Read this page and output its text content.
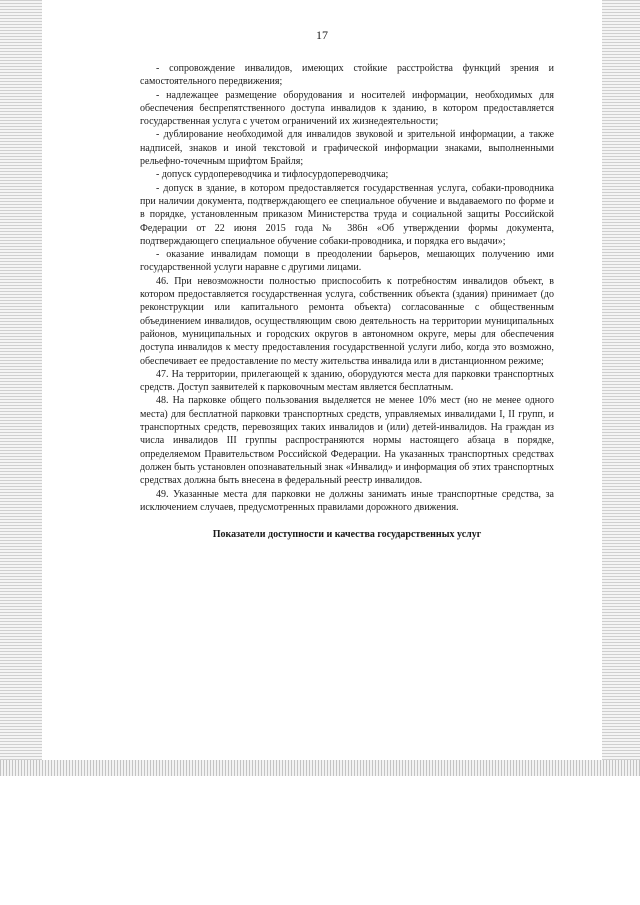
17

- сопровождение инвалидов, имеющих стойкие расстройства функций зрения и самостоятельного передвижения;

- надлежащее размещение оборудования и носителей информации, необходимых для обеспечения беспрепятственного доступа инвалидов к зданию, в котором предоставляется государственная услуга с учетом ограничений их жизнедеятельности;

- дублирование необходимой для инвалидов звуковой и зрительной информации, а также надписей, знаков и иной текстовой и графической информации знаками, выполненными рельефно-точечным шрифтом Брайля;

- допуск сурдопереводчика и тифлосурдопереводчика;

- допуск в здание, в котором предоставляется государственная услуга, собаки-проводника при наличии документа, подтверждающего ее специальное обучение и выдаваемого по форме и в порядке, установленным приказом Министерства труда и социальной защиты Российской Федерации от 22 июня 2015 года № 386н «Об утверждении формы документа, подтверждающего специальное обучение собаки-проводника, и порядка его выдачи»;

- оказание инвалидам помощи в преодолении барьеров, мешающих получению ими государственной услуги наравне с другими лицами.

46. При невозможности полностью приспособить к потребностям инвалидов объект, в котором предоставляется государственная услуга, собственник объекта (здания) принимает (до реконструкции или капитального ремонта объекта) согласованные с общественным объединением инвалидов, осуществляющим свою деятельность на территории муниципальных районов, муниципальных и городских округов в автономном округе, меры для обеспечения доступа инвалидов к месту предоставления государственной услуги либо, когда это возможно, обеспечивает ее предоставление по месту жительства инвалида или в дистанционном режиме;

47. На территории, прилегающей к зданию, оборудуются места для парковки транспортных средств. Доступ заявителей к парковочным местам является бесплатным.

48. На парковке общего пользования выделяется не менее 10% мест (но не менее одного места) для бесплатной парковки транспортных средств, управляемых инвалидами I, II групп, и транспортных средств, перевозящих таких инвалидов и (или) детей-инвалидов. На граждан из числа инвалидов III группы распространяются нормы настоящего абзаца в порядке, определяемом Правительством Российской Федерации. На указанных транспортных средствах должен быть установлен опознавательный знак «Инвалид» и информация об этих транспортных средствах должна быть внесена в федеральный реестр инвалидов.

49. Указанные места для парковки не должны занимать иные транспортные средства, за исключением случаев, предусмотренных правилами дорожного движения.

Показатели доступности и качества государственных услуг
